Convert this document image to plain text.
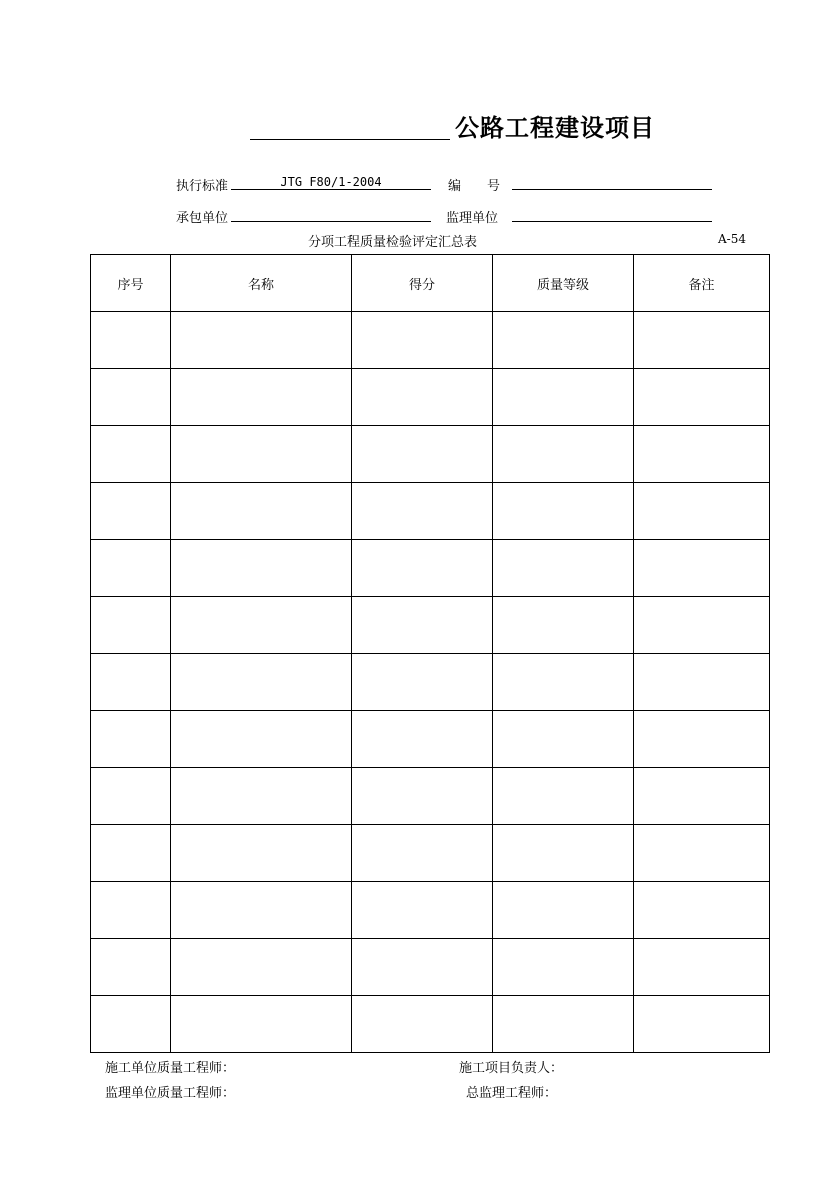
公路工程建设项目
执行标准	JTG F80/1-2004	编　　号
承包单位	监理单位
分项工程质量检验评定汇总表	A-54
序号	名称	得分	质量等级	备注

施工单位质量工程师：	施工项目负责人：
监理单位质量工程师：	总监理工程师：
